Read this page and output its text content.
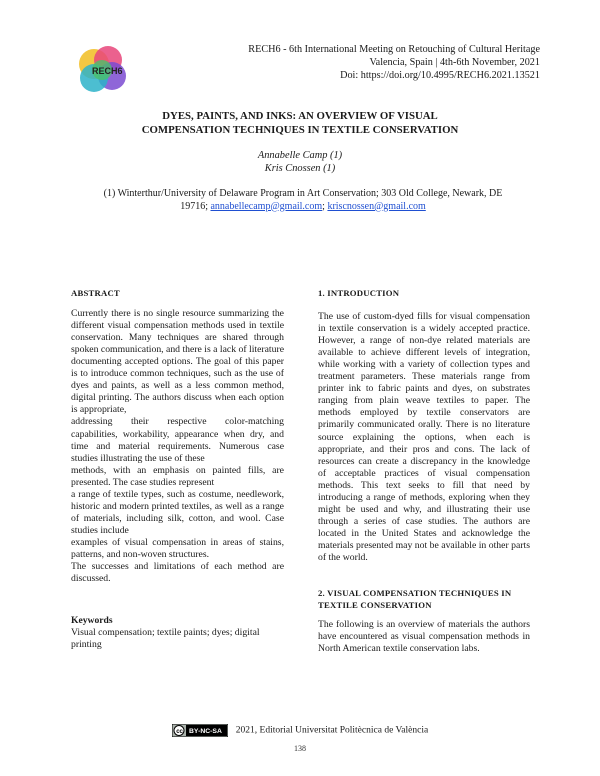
RECH6
RECH6 - 6th International Meeting on Retouching of Cultural Heritage
Valencia, Spain | 4th-6th November, 2021
Doi: https://doi.org/10.4995/RECH6.2021.13521
DYES, PAINTS, AND INKS: AN OVERVIEW OF VISUAL
COMPENSATION TECHNIQUES IN TEXTILE CONSERVATION
Annabelle Camp (1)
Kris Cnossen (1)
(1) Winterthur/University of Delaware Program in Art Conservation; 303 Old College, Newark, DE
19716; annabellecamp@gmail.com; kriscnossen@gmail.com
ABSTRACT

Currently there is no single resource summarizing the different visual compensation methods used in textile conservation. Many techniques are shared through spoken communication, and there is a lack of literature documenting accepted options. The goal of this paper is to introduce common techniques, such as the use of dyes and paints, as well as a less common method, digital printing. The authors discuss when each option is appropriate,

addressing their respective color-matching capabilities, workability, appearance when dry, and time and material requirements. Numerous case studies illustrating the use of these

methods, with an emphasis on painted fills, are presented. The case studies represent

a range of textile types, such as costume, needlework, historic and modern printed textiles, as well as a range of materials, including silk, cotton, and wool. Case studies include

examples of visual compensation in areas of stains, patterns, and non-woven structures.

The successes and limitations of each method are discussed.

Keywords

Visual compensation; textile paints; dyes; digital printing

1. INTRODUCTION

The use of custom-dyed fills for visual compensation in textile conservation is a widely accepted practice. However, a range of non-dye related materials are available to achieve different levels of integration, while working with a variety of collection types and treatment parameters. These materials range from printer ink to fabric paints and dyes, on substrates ranging from plain weave textiles to paper. The methods employed by textile conservators are primarily communicated orally. There is no literature source explaining the options, when each is appropriate, and their pros and cons. The lack of resources can create a discrepancy in the knowledge of acceptable practices of visual compensation methods. This text seeks to fill that need by introducing a range of methods, exploring when they might be used and why, and illustrating their use through a series of case studies. The authors are located in the United States and acknowledge the materials presented may not be available in other parts of the world.

2. VISUAL COMPENSATION TECHNIQUES IN
TEXTILE CONSERVATION

The following is an overview of materials the authors have encountered as visual compensation methods in North American textile conservation labs.

cc BY-NC-SA 2021, Editorial Universitat Politècnica de València
138
